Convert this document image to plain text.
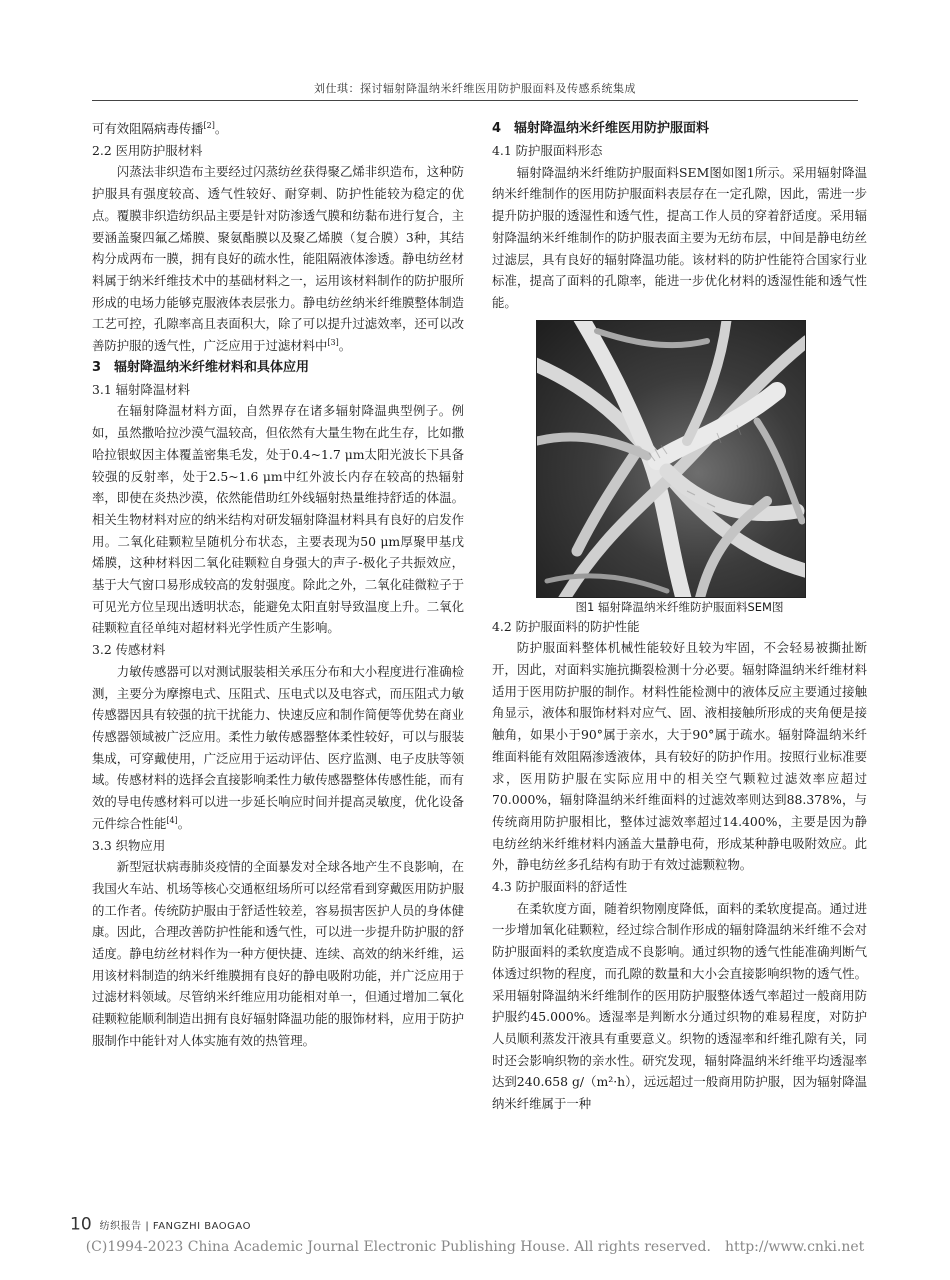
刘仕琪：探讨辐射降温纳米纤维医用防护服面料及传感系统集成

可有效阻隔病毒传播[2]。

2.2 医用防护服材料

闪蒸法非织造布主要经过闪蒸纺丝获得聚乙烯非织造布，这种防护服具有强度较高、透气性较好、耐穿刺、防护性能较为稳定的优点。覆膜非织造纺织品主要是针对防渗透气膜和纺黏布进行复合，主要涵盖聚四氟乙烯膜、聚氨酯膜以及聚乙烯膜（复合膜）3种，其结构分成两布一膜，拥有良好的疏水性，能阻隔液体渗透。静电纺丝材料属于纳米纤维技术中的基础材料之一，运用该材料制作的防护服所形成的电场力能够克服液体表层张力。静电纺丝纳米纤维膜整体制造工艺可控，孔隙率高且表面积大，除了可以提升过滤效率，还可以改善防护服的透气性，广泛应用于过滤材料中[3]。

3　辐射降温纳米纤维材料和具体应用

3.1 辐射降温材料

在辐射降温材料方面，自然界存在诸多辐射降温典型例子。例如，虽然撒哈拉沙漠气温较高，但依然有大量生物在此生存，比如撒哈拉银蚁因主体覆盖密集毛发，处于0.4~1.7 μm太阳光波长下具备较强的反射率，处于2.5~1.6 μm中红外波长内存在较高的热辐射率，即使在炎热沙漠，依然能借助红外线辐射热量维持舒适的体温。相关生物材料对应的纳米结构对研发辐射降温材料具有良好的启发作用。二氧化硅颗粒呈随机分布状态，主要表现为50 μm厚聚甲基戊烯膜，这种材料因二氧化硅颗粒自身强大的声子-极化子共振效应，基于大气窗口易形成较高的发射强度。除此之外，二氧化硅微粒子于可见光方位呈现出透明状态，能避免太阳直射导致温度上升。二氧化硅颗粒直径单纯对超材料光学性质产生影响。

3.2 传感材料

力敏传感器可以对测试服装相关承压分布和大小程度进行准确检测，主要分为摩擦电式、压阻式、压电式以及电容式，而压阻式力敏传感器因具有较强的抗干扰能力、快速反应和制作简便等优势在商业传感器领域被广泛应用。柔性力敏传感器整体柔性较好，可以与服装集成，可穿戴使用，广泛应用于运动评估、医疗监测、电子皮肤等领域。传感材料的选择会直接影响柔性力敏传感器整体传感性能，而有效的导电传感材料可以进一步延长响应时间并提高灵敏度，优化设备元件综合性能[4]。

3.3 织物应用

新型冠状病毒肺炎疫情的全面暴发对全球各地产生不良影响，在我国火车站、机场等核心交通枢纽场所可以经常看到穿戴医用防护服的工作者。传统防护服由于舒适性较差，容易损害医护人员的身体健康。因此，合理改善防护性能和透气性，可以进一步提升防护服的舒适度。静电纺丝材料作为一种方便快捷、连续、高效的纳米纤维，运用该材料制造的纳米纤维膜拥有良好的静电吸附功能，并广泛应用于过滤材料领域。尽管纳米纤维应用功能相对单一，但通过增加二氧化硅颗粒能顺利制造出拥有良好辐射降温功能的服饰材料，应用于防护服制作中能针对人体实施有效的热管理。

4　辐射降温纳米纤维医用防护服面料

4.1 防护服面料形态

辐射降温纳米纤维防护服面料SEM图如图1所示。采用辐射降温纳米纤维制作的医用防护服面料表层存在一定孔隙，因此，需进一步提升防护服的透湿性和透气性，提高工作人员的穿着舒适度。采用辐射降温纳米纤维制作的防护服表面主要为无纺布层，中间是静电纺丝过滤层，具有良好的辐射降温功能。该材料的防护性能符合国家行业标准，提高了面料的孔隙率，能进一步优化材料的透湿性能和透气性能。

图1 辐射降温纳米纤维防护服面料SEM图

4.2 防护服面料的防护性能

防护服面料整体机械性能较好且较为牢固，不会轻易被撕扯断开，因此，对面料实施抗撕裂检测十分必要。辐射降温纳米纤维材料适用于医用防护服的制作。材料性能检测中的液体反应主要通过接触角显示，液体和服饰材料对应气、固、液相接触所形成的夹角便是接触角，如果小于90°属于亲水，大于90°属于疏水。辐射降温纳米纤维面料能有效阻隔渗透液体，具有较好的防护作用。按照行业标准要求，医用防护服在实际应用中的相关空气颗粒过滤效率应超过70.000%，辐射降温纳米纤维面料的过滤效率则达到88.378%，与传统商用防护服相比，整体过滤效率超过14.400%，主要是因为静电纺丝纳米纤维材料内涵盖大量静电荷，形成某种静电吸附效应。此外，静电纺丝多孔结构有助于有效过滤颗粒物。

4.3 防护服面料的舒适性

在柔软度方面，随着织物刚度降低，面料的柔软度提高。通过进一步增加氧化硅颗粒，经过综合制作形成的辐射降温纳米纤维不会对防护服面料的柔软度造成不良影响。通过织物的透气性能准确判断气体透过织物的程度，而孔隙的数量和大小会直接影响织物的透气性。采用辐射降温纳米纤维制作的医用防护服整体透气率超过一般商用防护服约45.000%。透湿率是判断水分通过织物的难易程度，对防护人员顺利蒸发汗液具有重要意义。织物的透湿率和纤维孔隙有关，同时还会影响织物的亲水性。研究发现，辐射降温纳米纤维平均透湿率达到240.658 g/（m²·h），远远超过一般商用防护服，因为辐射降温纳米纤维属于一种

10 纺织报告 | FANGZHI BAOGAO
(C)1994-2023 China Academic Journal Electronic Publishing House. All rights reserved.　http://www.cnki.net
